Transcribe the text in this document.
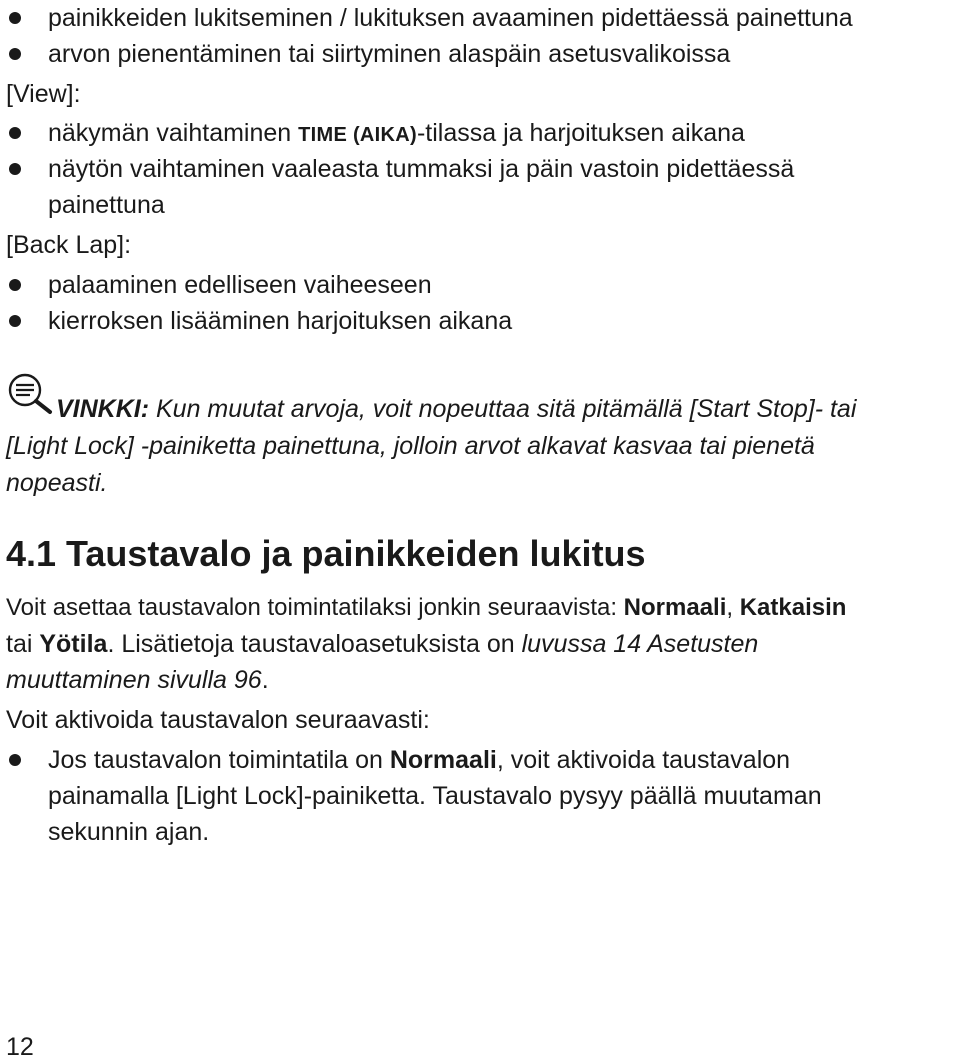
painikkeiden lukitseminen / lukituksen avaaminen pidettäessä painettuna
arvon pienentäminen tai siirtyminen alaspäin asetusvalikoissa
[View]:
näkymän vaihtaminen TIME (AIKA)-tilassa ja harjoituksen aikana
näytön vaihtaminen vaaleasta tummaksi ja päin vastoin pidettäessä
painettuna
[Back Lap]:
palaaminen edelliseen vaiheeseen
kierroksen lisääminen harjoituksen aikana
VINKKI: Kun muutat arvoja, voit nopeuttaa sitä pitämällä [Start Stop]- tai
[Light Lock] -painiketta painettuna, jolloin arvot alkavat kasvaa tai pienetä
nopeasti.
4.1 Taustavalo ja painikkeiden lukitus
Voit asettaa taustavalon toimintatilaksi jonkin seuraavista: Normaali, Katkaisin
tai Yötila. Lisätietoja taustavaloasetuksista on luvussa 14 Asetusten
muuttaminen sivulla 96.
Voit aktivoida taustavalon seuraavasti:
Jos taustavalon toimintatila on Normaali, voit aktivoida taustavalon
painamalla [Light Lock]-painiketta. Taustavalo pysyy päällä muutaman
sekunnin ajan.
12
